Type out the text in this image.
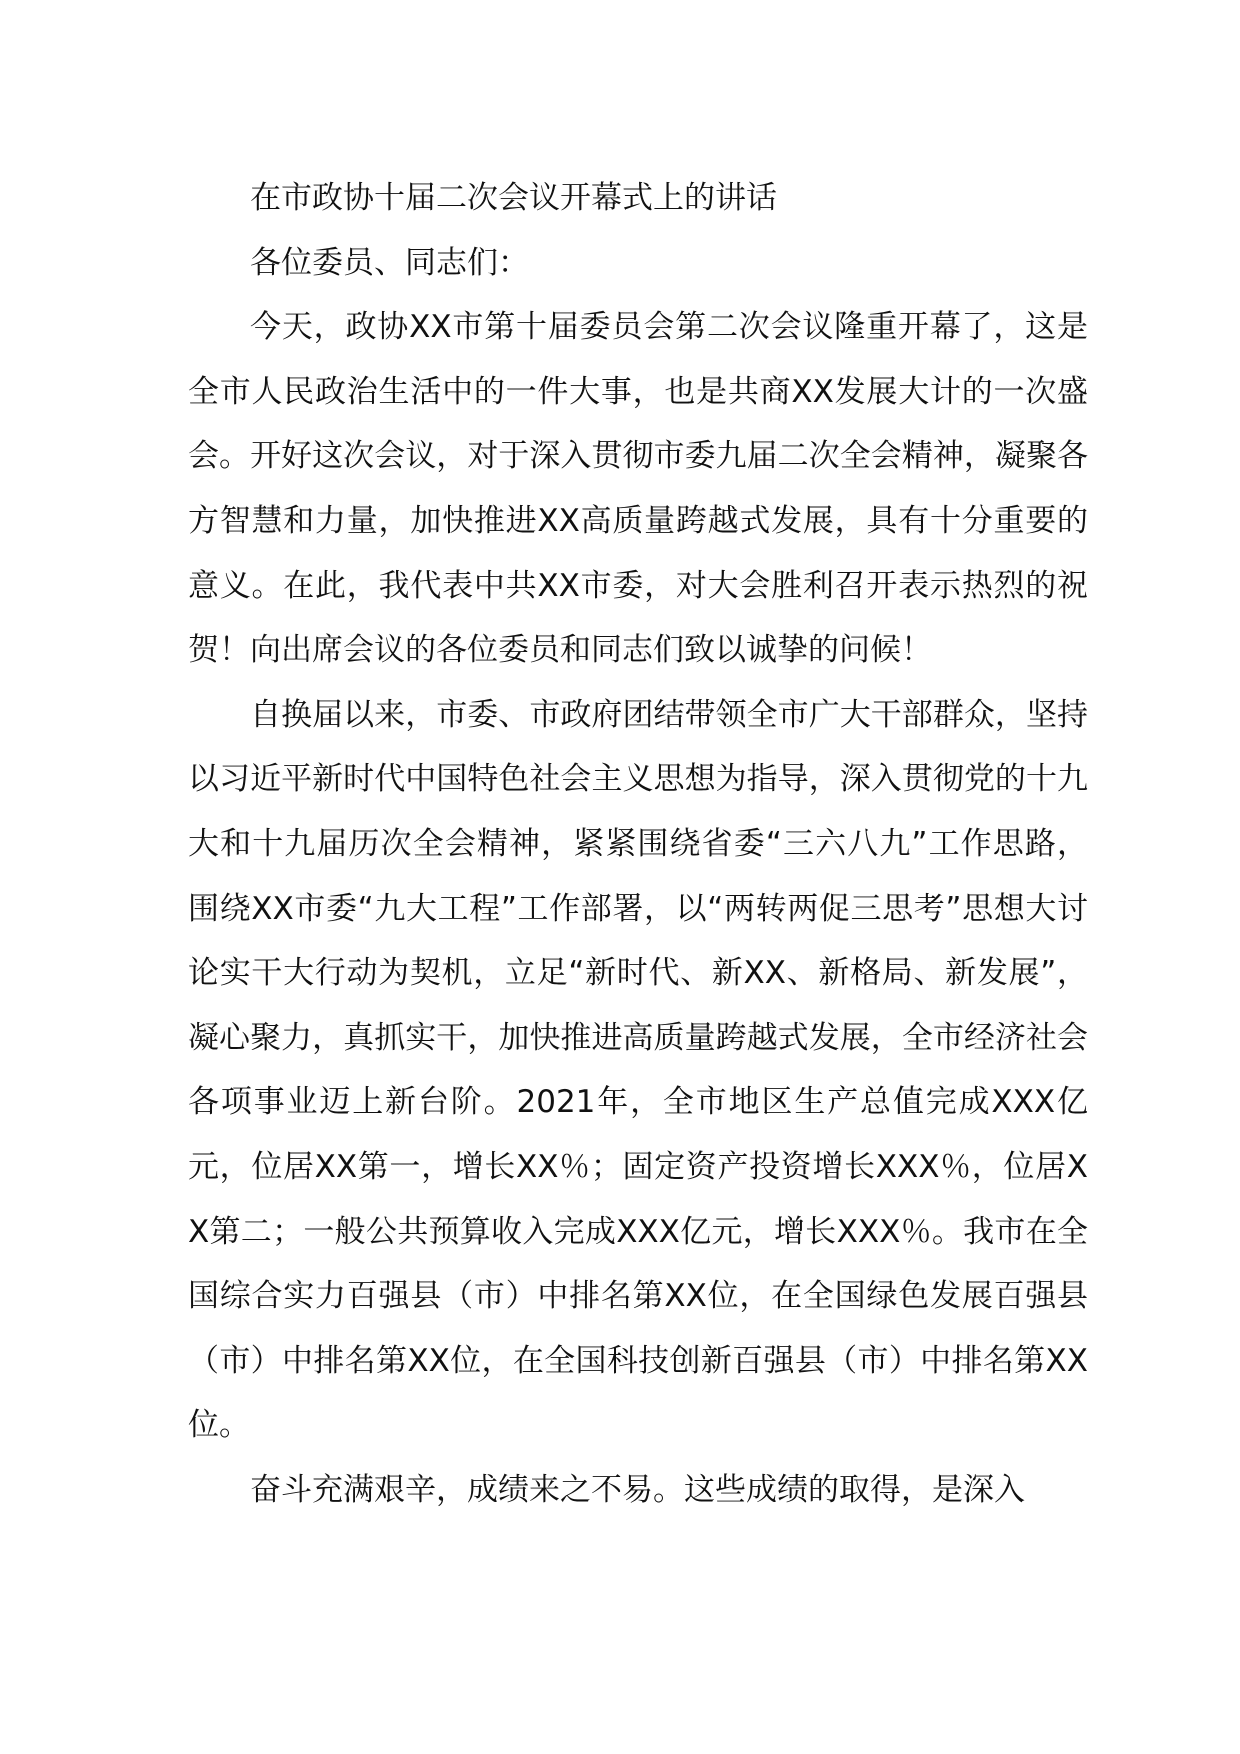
在市政协十届二次会议开幕式上的讲话

各位委员、同志们：

今天，政协XX市第十届委员会第二次会议隆重开幕了，这是全市人民政治生活中的一件大事，也是共商XX发展大计的一次盛会。开好这次会议，对于深入贯彻市委九届二次全会精神，凝聚各方智慧和力量，加快推进XX高质量跨越式发展，具有十分重要的意义。在此，我代表中共XX市委，对大会胜利召开表示热烈的祝贺！向出席会议的各位委员和同志们致以诚挚的问候！

自换届以来，市委、市政府团结带领全市广大干部群众，坚持以习近平新时代中国特色社会主义思想为指导，深入贯彻党的十九大和十九届历次全会精神，紧紧围绕省委“三六八九”工作思路，围绕XX市委“九大工程”工作部署，以“两转两促三思考”思想大讨论实干大行动为契机，立足“新时代、新XX、新格局、新发展”，凝心聚力，真抓实干，加快推进高质量跨越式发展，全市经济社会各项事业迈上新台阶。2021年，全市地区生产总值完成XXX亿元，位居XX第一，增长XX％；固定资产投资增长XXX％，位居XX第二；一般公共预算收入完成XXX亿元，增长XXX％。我市在全国综合实力百强县（市）中排名第XX位，在全国绿色发展百强县（市）中排名第XX位，在全国科技创新百强县（市）中排名第XX位。

奋斗充满艰辛，成绩来之不易。这些成绩的取得，是深入
